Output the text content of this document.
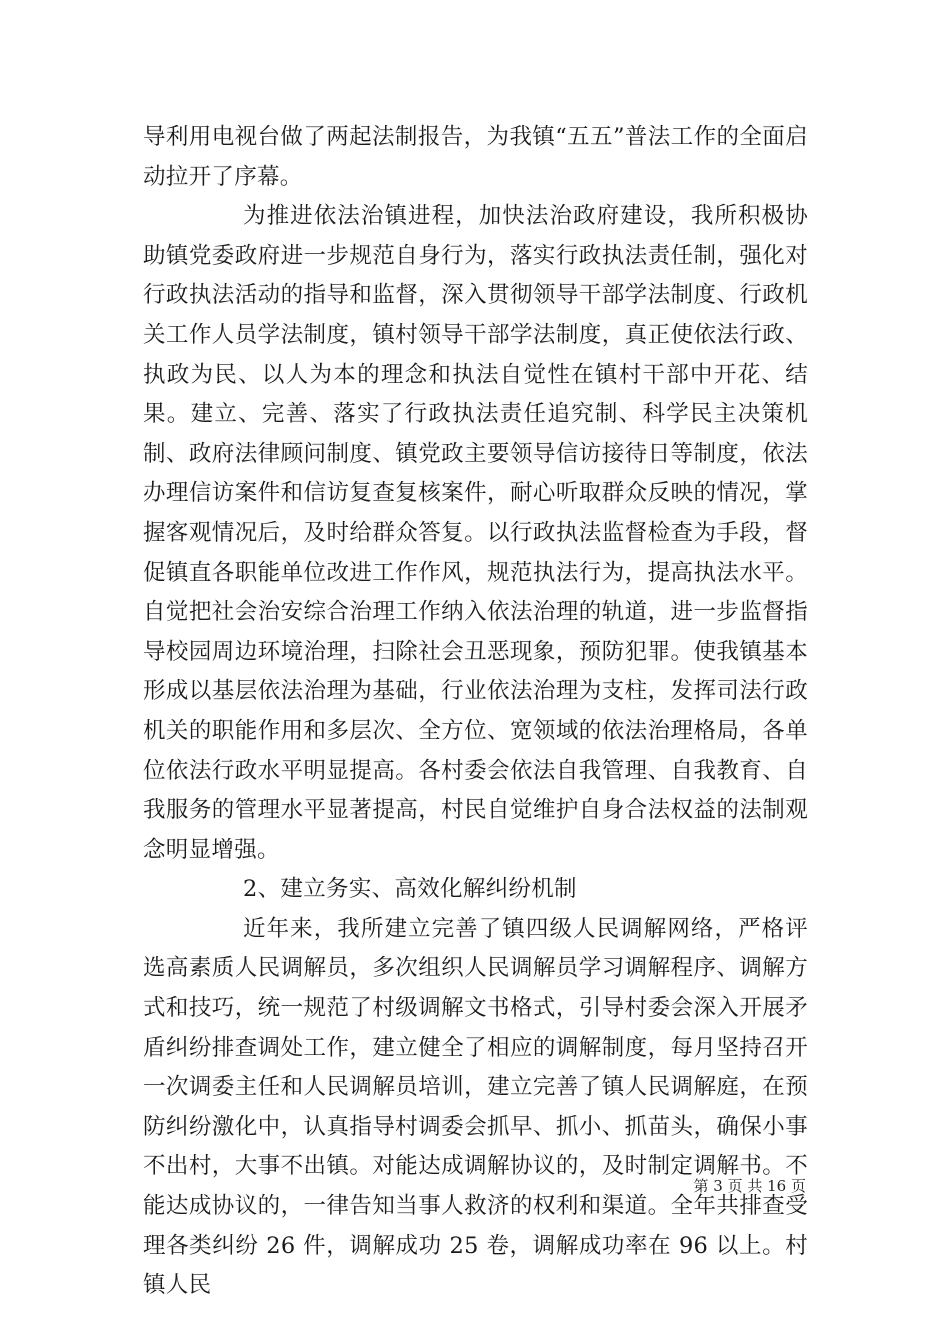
导利用电视台做了两起法制报告，为我镇“五五”普法工作的全面启动拉开了序幕。

为推进依法治镇进程，加快法治政府建设，我所积极协助镇党委政府进一步规范自身行为，落实行政执法责任制，强化对行政执法活动的指导和监督，深入贯彻领导干部学法制度、行政机关工作人员学法制度，镇村领导干部学法制度，真正使依法行政、执政为民、以人为本的理念和执法自觉性在镇村干部中开花、结果。建立、完善、落实了行政执法责任追究制、科学民主决策机制、政府法律顾问制度、镇党政主要领导信访接待日等制度，依法办理信访案件和信访复查复核案件，耐心听取群众反映的情况，掌握客观情况后，及时给群众答复。以行政执法监督检查为手段，督促镇直各职能单位改进工作作风，规范执法行为，提高执法水平。自觉把社会治安综合治理工作纳入依法治理的轨道，进一步监督指导校园周边环境治理，扫除社会丑恶现象，预防犯罪。使我镇基本形成以基层依法治理为基础，行业依法治理为支柱，发挥司法行政机关的职能作用和多层次、全方位、宽领域的依法治理格局，各单位依法行政水平明显提高。各村委会依法自我管理、自我教育、自我服务的管理水平显著提高，村民自觉维护自身合法权益的法制观念明显增强。

2、建立务实、高效化解纠纷机制

近年来，我所建立完善了镇四级人民调解网络，严格评选高素质人民调解员，多次组织人民调解员学习调解程序、调解方式和技巧，统一规范了村级调解文书格式，引导村委会深入开展矛盾纠纷排查调处工作，建立健全了相应的调解制度，每月坚持召开一次调委主任和人民调解员培训，建立完善了镇人民调解庭，在预防纠纷激化中，认真指导村调委会抓早、抓小、抓苗头，确保小事不出村，大事不出镇。对能达成调解协议的，及时制定调解书。不能达成协议的，一律告知当事人救济的权利和渠道。全年共排查受理各类纠纷 26 件，调解成功 25 卷，调解成功率在 96 以上。村镇人民

第 3 页 共 16 页
